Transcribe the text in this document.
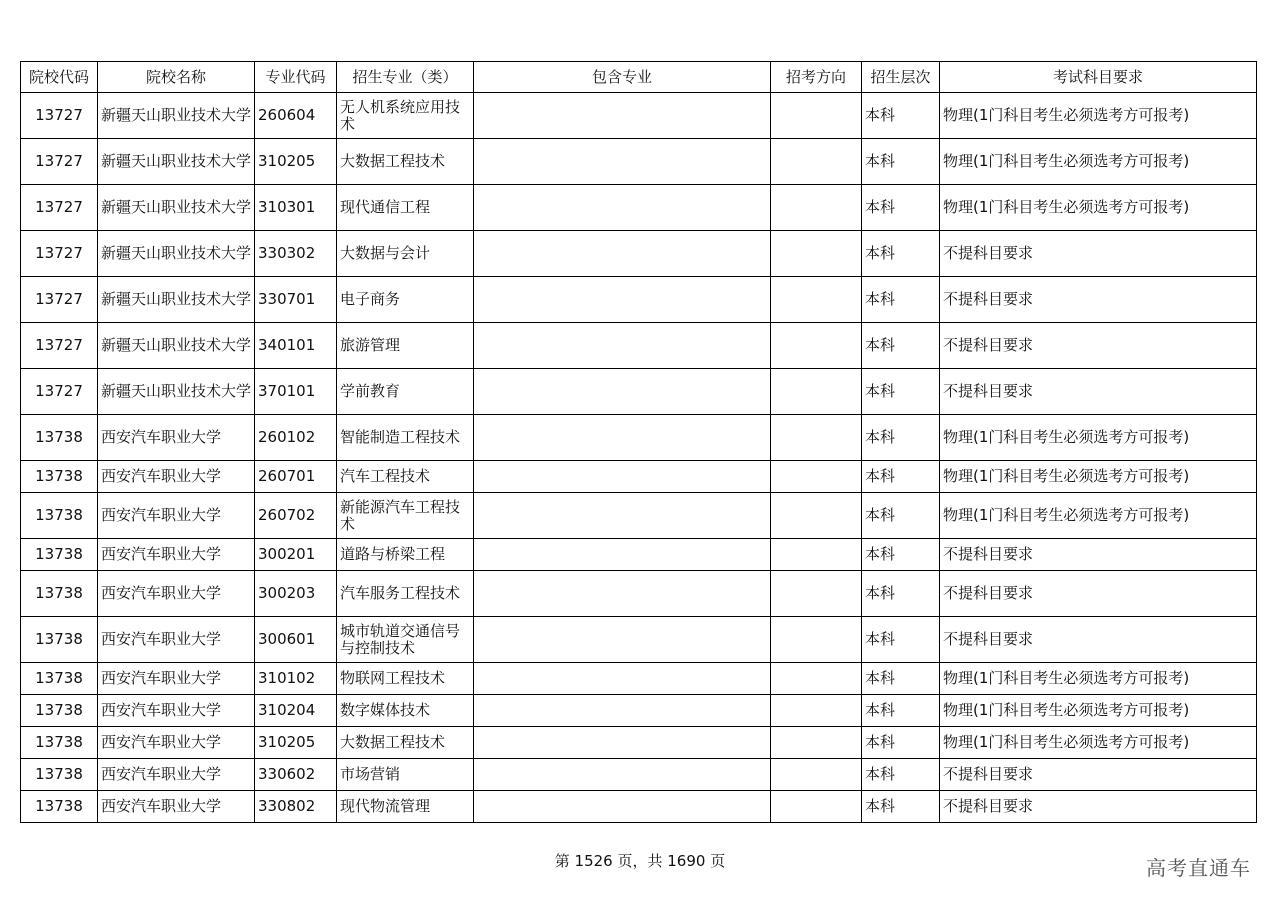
院校代码	院校名称	专业代码	招生专业（类）	包含专业	招考方向	招生层次	考试科目要求
13727	新疆天山职业技术大学	260604	无人机系统应用技术			本科	物理(1门科目考生必须选考方可报考)
13727	新疆天山职业技术大学	310205	大数据工程技术			本科	物理(1门科目考生必须选考方可报考)
13727	新疆天山职业技术大学	310301	现代通信工程			本科	物理(1门科目考生必须选考方可报考)
13727	新疆天山职业技术大学	330302	大数据与会计			本科	不提科目要求
13727	新疆天山职业技术大学	330701	电子商务			本科	不提科目要求
13727	新疆天山职业技术大学	340101	旅游管理			本科	不提科目要求
13727	新疆天山职业技术大学	370101	学前教育			本科	不提科目要求
13738	西安汽车职业大学	260102	智能制造工程技术			本科	物理(1门科目考生必须选考方可报考)
13738	西安汽车职业大学	260701	汽车工程技术			本科	物理(1门科目考生必须选考方可报考)
13738	西安汽车职业大学	260702	新能源汽车工程技术			本科	物理(1门科目考生必须选考方可报考)
13738	西安汽车职业大学	300201	道路与桥梁工程			本科	不提科目要求
13738	西安汽车职业大学	300203	汽车服务工程技术			本科	不提科目要求
13738	西安汽车职业大学	300601	城市轨道交通信号与控制技术			本科	不提科目要求
13738	西安汽车职业大学	310102	物联网工程技术			本科	物理(1门科目考生必须选考方可报考)
13738	西安汽车职业大学	310204	数字媒体技术			本科	物理(1门科目考生必须选考方可报考)
13738	西安汽车职业大学	310205	大数据工程技术			本科	物理(1门科目考生必须选考方可报考)
13738	西安汽车职业大学	330602	市场营销			本科	不提科目要求
13738	西安汽车职业大学	330802	现代物流管理			本科	不提科目要求
第 1526 页，共 1690 页	高考直通车
